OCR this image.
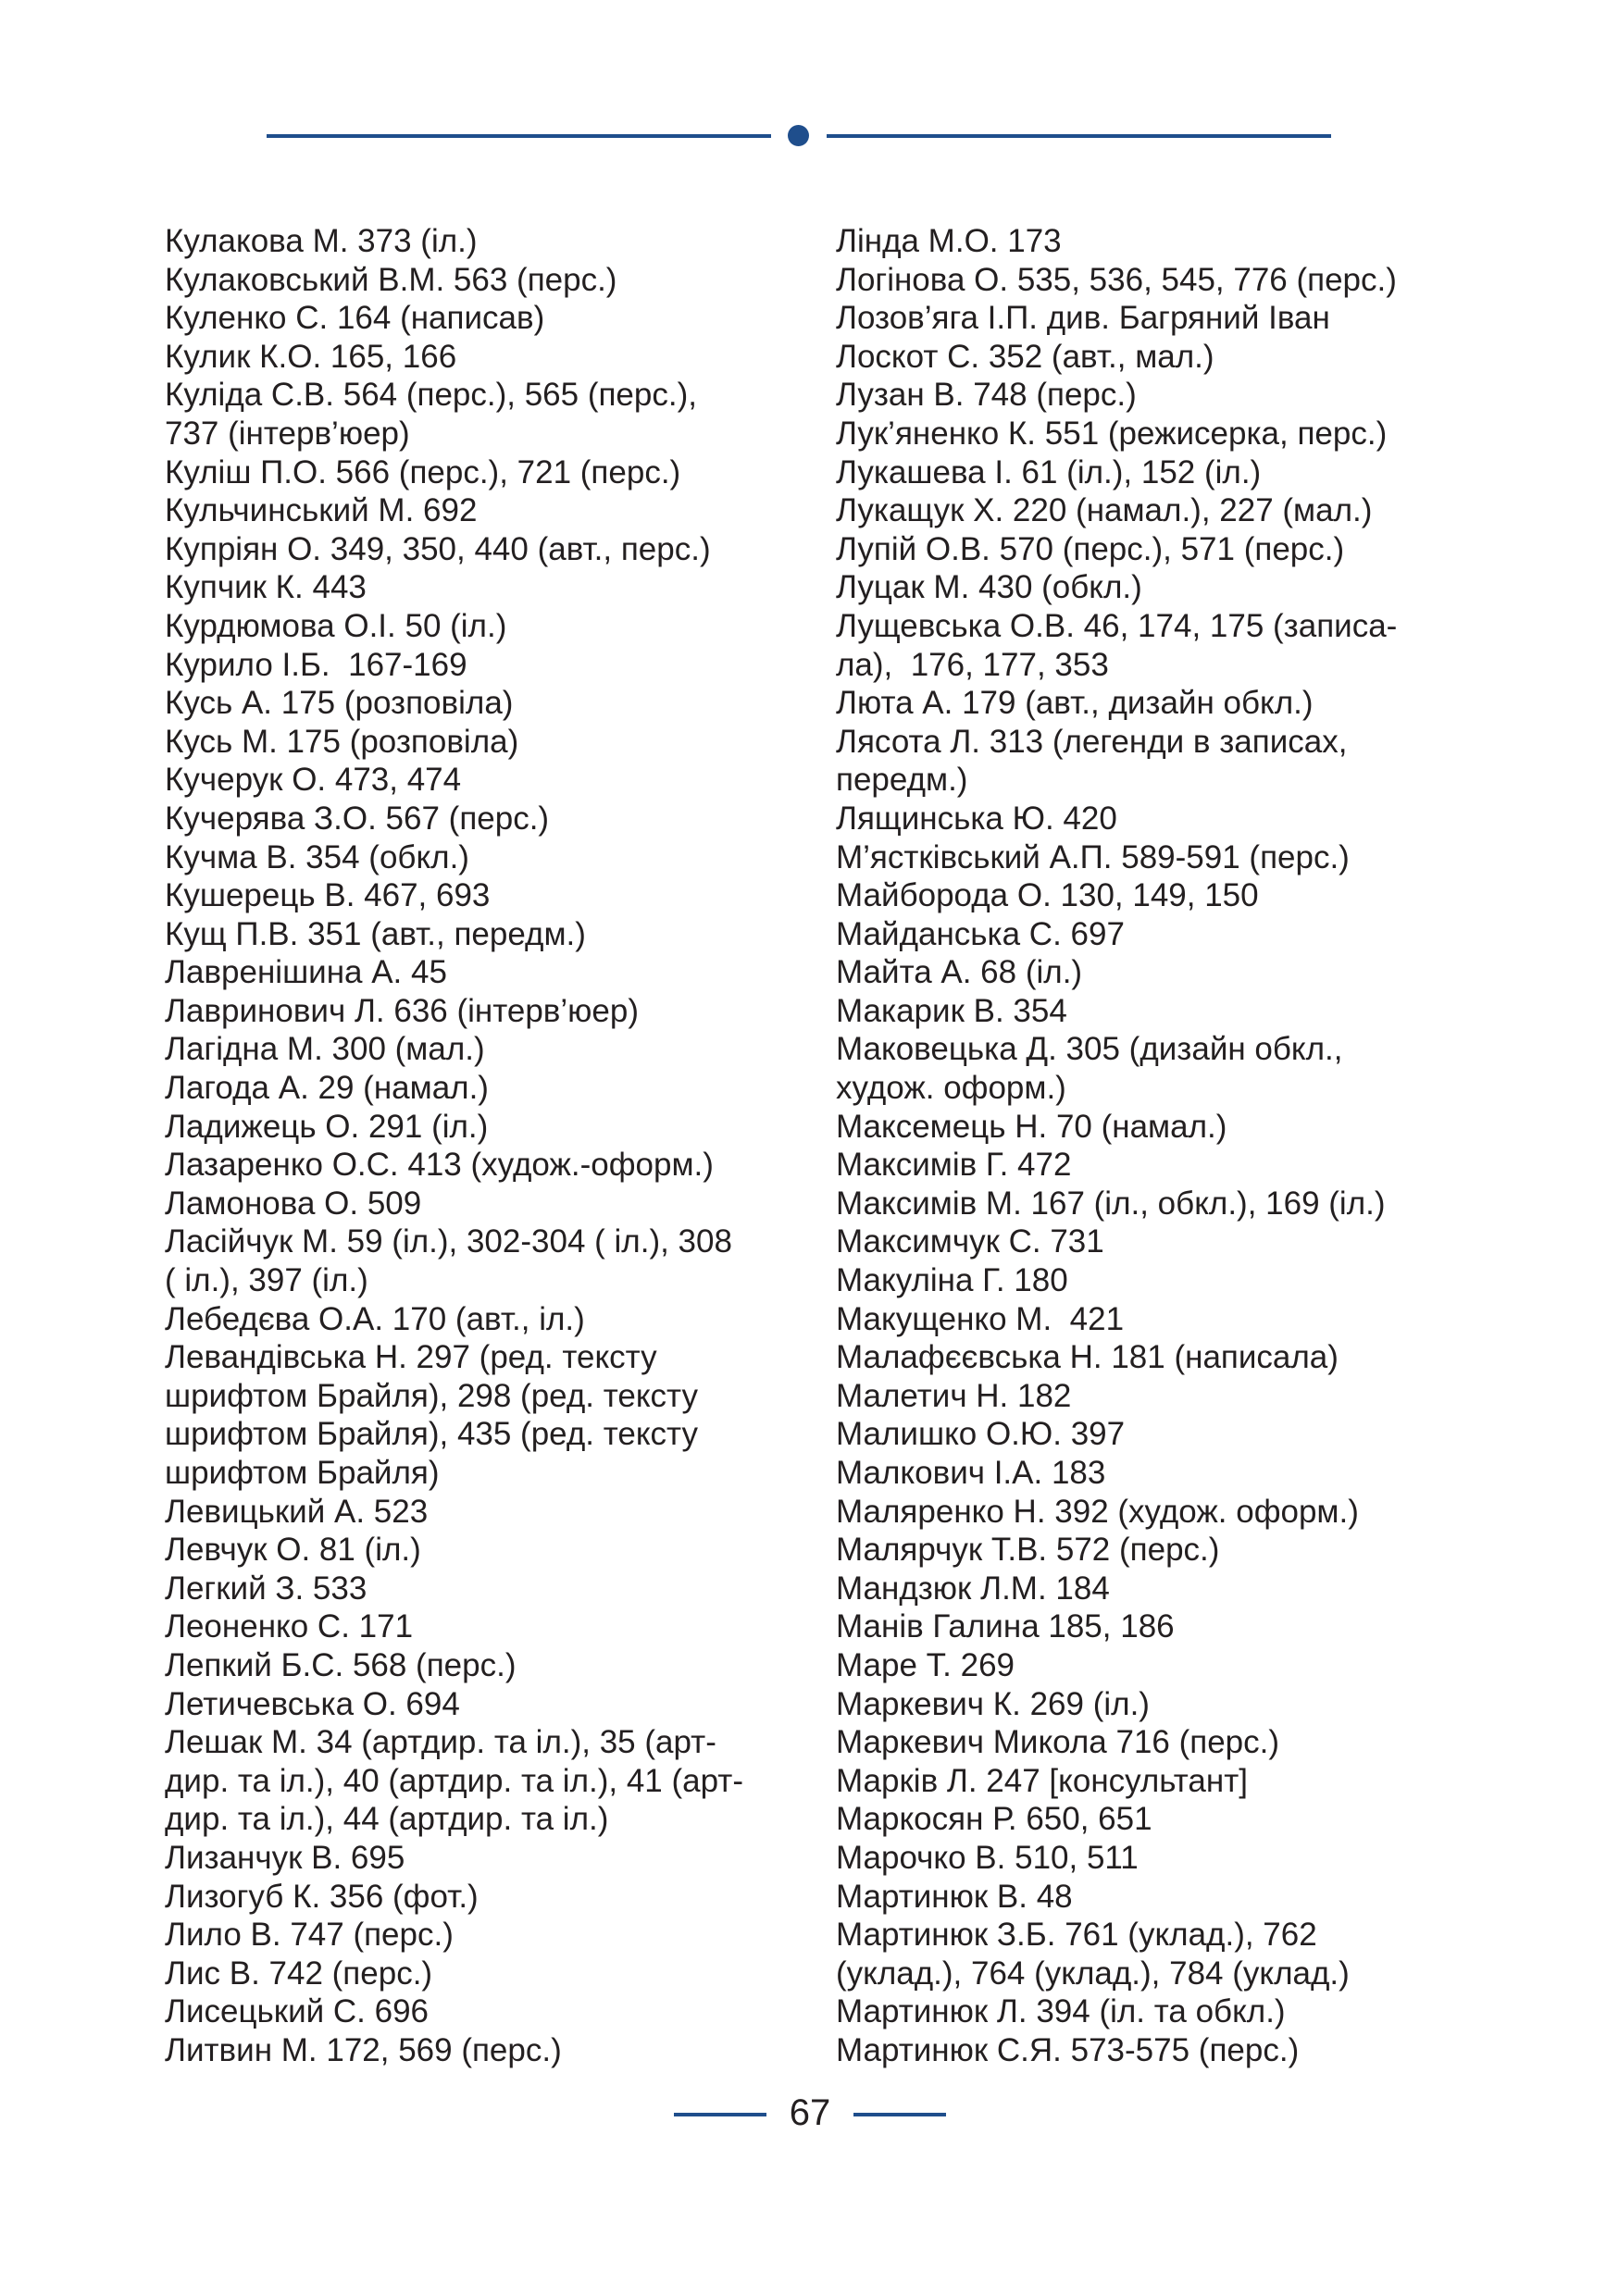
Кулакова М. 373 (іл.)
Кулаковський В.М. 563 (перс.)
Куленко С. 164 (написав)
Кулик К.О. 165, 166
Куліда С.В. 564 (перс.), 565 (перс.),
737 (інтерв’юер)
Куліш П.О. 566 (перс.), 721 (перс.)
Кульчинський М. 692
Купріян О. 349, 350, 440 (авт., перс.)
Купчик К. 443
Курдюмова О.І. 50 (іл.)
Курило І.Б.  167-169
Кусь А. 175 (розповіла)
Кусь М. 175 (розповіла)
Кучерук О. 473, 474
Кучерява З.О. 567 (перс.)
Кучма В. 354 (обкл.)
Кушерець В. 467, 693
Кущ П.В. 351 (авт., передм.)
Лавренішина А. 45
Лавринович Л. 636 (інтерв’юер)
Лагідна М. 300 (мал.)
Лагода А. 29 (намал.)
Ладижець О. 291 (іл.)
Лазаренко О.С. 413 (худож.-оформ.)
Ламонова О. 509
Ласійчук М. 59 (іл.), 302-304 ( іл.), 308
( іл.), 397 (іл.)
Лебедєва О.А. 170 (авт., іл.)
Левандівська Н. 297 (ред. тексту
шрифтом Брайля), 298 (ред. тексту
шрифтом Брайля), 435 (ред. тексту
шрифтом Брайля)
Левицький А. 523
Левчук О. 81 (іл.)
Легкий З. 533
Леоненко С. 171
Лепкий Б.С. 568 (перс.)
Летичевська О. 694
Лешак М. 34 (артдир. та іл.), 35 (арт-
дир. та іл.), 40 (артдир. та іл.), 41 (арт-
дир. та іл.), 44 (артдир. та іл.)
Лизанчук В. 695
Лизогуб К. 356 (фот.)
Лило В. 747 (перс.)
Лис В. 742 (перс.)
Лисецький С. 696
Литвин М. 172, 569 (перс.)
Лінда М.О. 173
Логінова О. 535, 536, 545, 776 (перс.)
Лозов’яга І.П. див. Багряний Іван
Лоскот С. 352 (авт., мал.)
Лузан В. 748 (перс.)
Лук’яненко К. 551 (режисерка, перс.)
Лукашева І. 61 (іл.), 152 (іл.)
Лукащук Х. 220 (намал.), 227 (мал.)
Лупій О.В. 570 (перс.), 571 (перс.)
Луцак М. 430 (обкл.)
Лущевська О.В. 46, 174, 175 (записа-
ла),  176, 177, 353
Люта А. 179 (авт., дизайн обкл.)
Лясота Л. 313 (легенди в записах,
передм.)
Лящинська Ю. 420
М’ястківський А.П. 589-591 (перс.)
Майборода О. 130, 149, 150
Майданська С. 697
Майта А. 68 (іл.)
Макарик В. 354
Маковецька Д. 305 (дизайн обкл.,
худож. оформ.)
Максемець Н. 70 (намал.)
Максимів Г. 472
Максимів М. 167 (іл., обкл.), 169 (іл.)
Максимчук С. 731
Макуліна Г. 180
Макущенко М.  421
Малафєєвська Н. 181 (написала)
Малетич Н. 182
Малишко О.Ю. 397
Малкович І.А. 183
Маляренко Н. 392 (худож. оформ.)
Малярчук Т.В. 572 (перс.)
Мандзюк Л.М. 184
Манів Галина 185, 186
Маре Т. 269
Маркевич К. 269 (іл.)
Маркевич Микола 716 (перс.)
Марків Л. 247 [консультант]
Маркосян Р. 650, 651
Марочко В. 510, 511
Мартинюк В. 48
Мартинюк З.Б. 761 (уклад.), 762
(уклад.), 764 (уклад.), 784 (уклад.)
Мартинюк Л. 394 (іл. та обкл.)
Мартинюк С.Я. 573-575 (перс.)
67
